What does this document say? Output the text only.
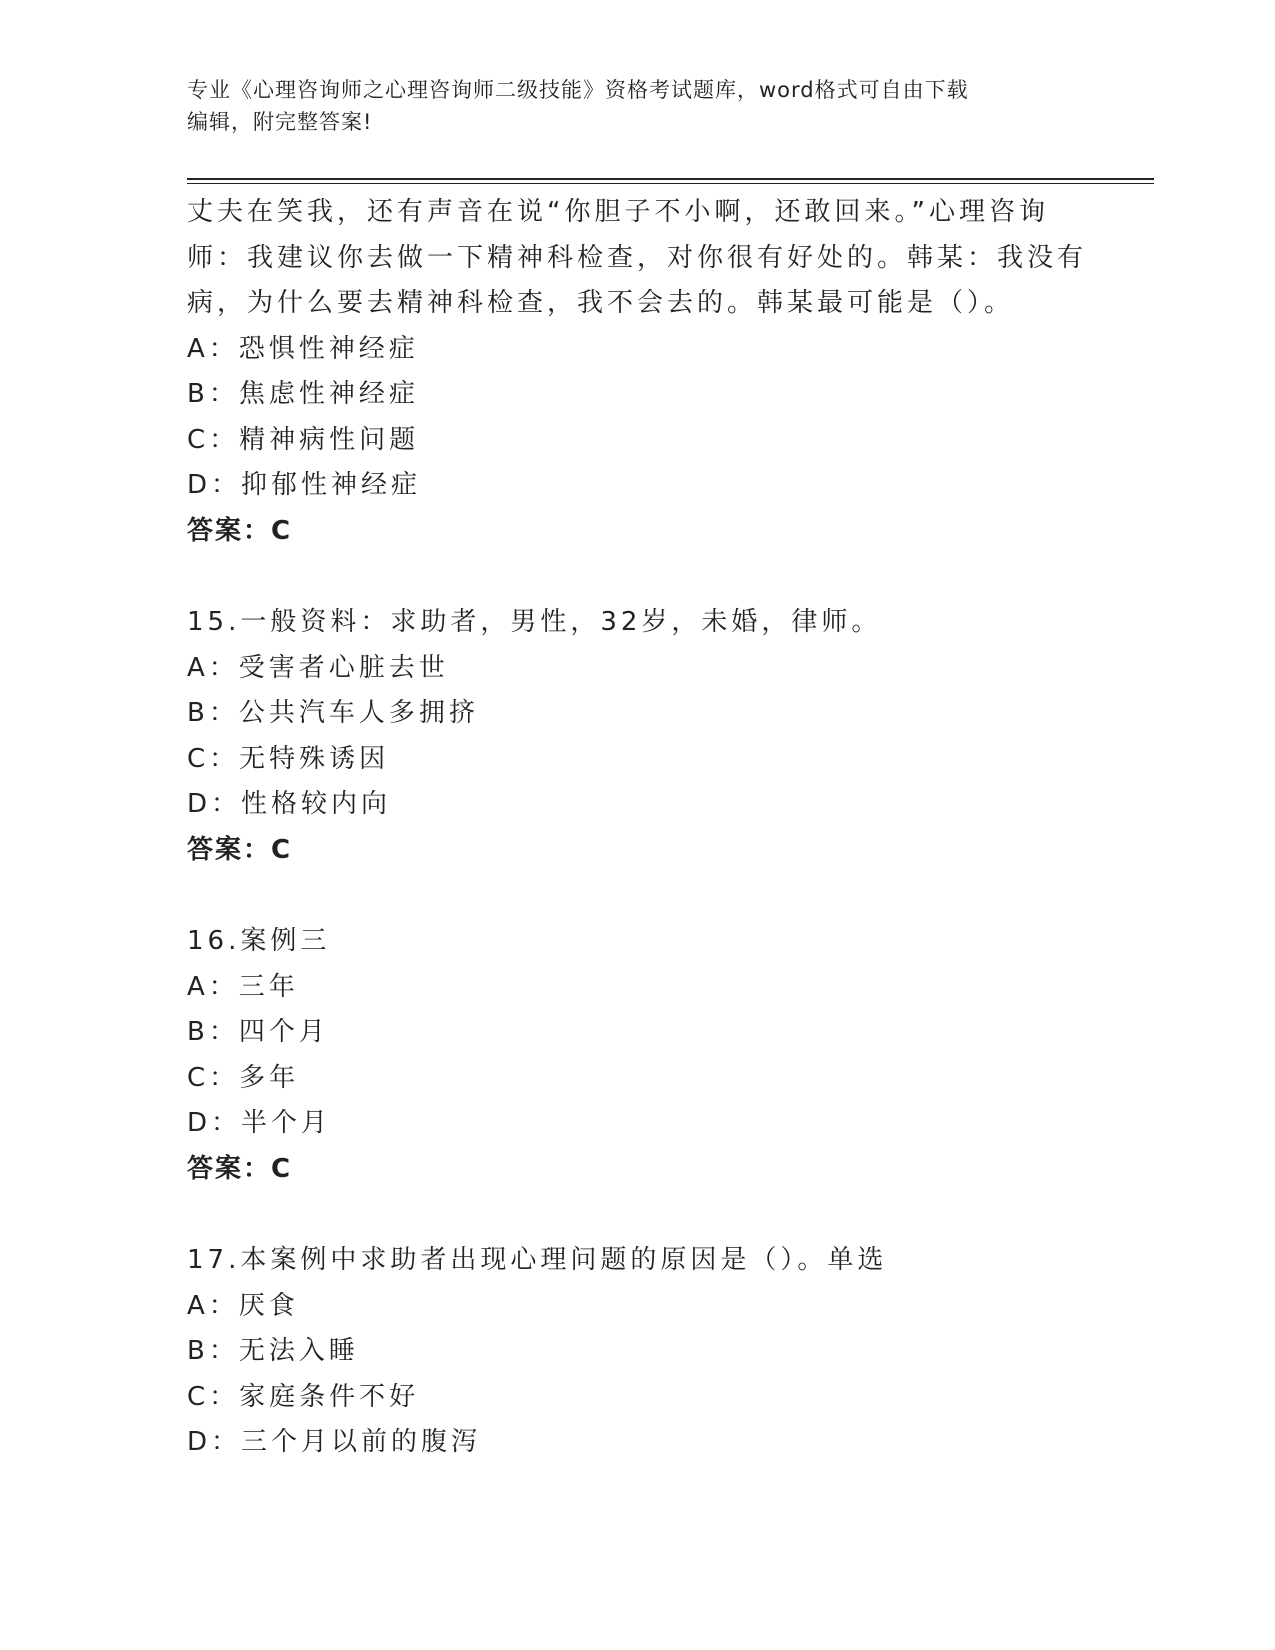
专业《心理咨询师之心理咨询师二级技能》资格考试题库，word格式可自由下载
编辑，附完整答案!
丈夫在笑我，还有声音在说“你胆子不小啊，还敢回来。”心理咨询
师：我建议你去做一下精神科检查，对你很有好处的。韩某：我没有
病，为什么要去精神科检查，我不会去的。韩某最可能是（）。
A：恐惧性神经症
B：焦虑性神经症
C：精神病性问题
D：抑郁性神经症
答案：C
15.一般资料：求助者，男性，32岁，未婚，律师。
A：受害者心脏去世
B：公共汽车人多拥挤
C：无特殊诱因
D：性格较内向
答案：C
16.案例三
A：三年
B：四个月
C：多年
D：半个月
答案：C
17.本案例中求助者出现心理问题的原因是（）。单选
A：厌食
B：无法入睡
C：家庭条件不好
D：三个月以前的腹泻
